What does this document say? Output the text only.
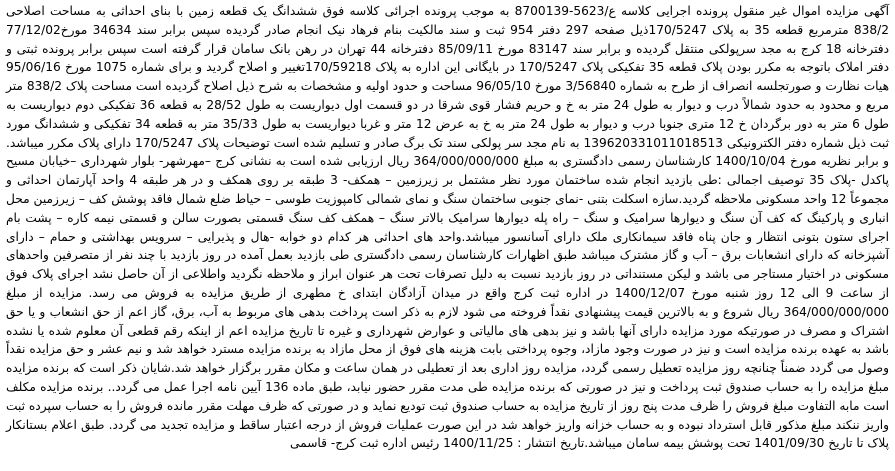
آگهی مزایده اموال غیر منقول پرونده اجرایی کلاسه ع/5623-8700139 به موجب پرونده اجرائی کلاسه فوق ششدانگ یک قطعه زمین با بنای احداثی به مساحت اصلاحی 838/2 مترمربع قطعه 35 به پلاک 170/5247ذیل صفحه 297 دفتر 954 ثبت و سند مالکیت بنام فرهاد نیک انجام صادر گردیده سپس برابر سند 34634 مورخ77/12/02 دفترخانه 18 کرج به مجد سرپولکی منتقل گردیده و برابر سند 83147 مورخ 85/09/11 دفترخانه 44 تهران در رهن بانک سامان قرار گرفته است سپس برابر پرونده ثبتی و دفتر املاک باتوجه به مکرر بودن پلاک قطعه 35 تفکیکی پلاک 170/5247 در بایگانی این اداره به پلاک 170/59218تغییر و اصلاح گردید و برای شماره 1075 مورخ 95/06/16 هیات نظارت و صورتجلسه انصراف از طرح به شماره 3/56840 مورخ 96/05/10 مساحت و حدود اولیه و مشخصات به شرح ذیل اصلاح گردیده است مساحت پلاک 838/2 متر مربع و محدود به حدود شمالاً درب و دیوار به طول 24 متر به خ و حریم فشار قوی شرقا در دو قسمت اول دیواریست به طول 28/52 به قطعه 36 تفکیکی دوم دیواریست به طول 6 متر به دور برگردان خ 12 متری جنوبا درب و دیوار به طول 24 متر به خ به عرض 12 متر و غربا دیواریست به طول 35/33 متر به قطعه 34 تفکیکی و ششدانگ مورد ثبت ذیل شماره دفتر الکترونیکی 139620331011018513 به نام مجد سر پولکی سند تک برگ صادر و تسلیم شده است توضیحات پلاک 170/5247 دارای پلاک مکرر میباشد. و برابر نظریه مورخ 1400/10/04 کارشناسان رسمی دادگستری به مبلغ 364/000/000/000 ریال ارزیابی شده است به نشانی کرج –مهرشهر- بلوار شهرداری –خیابان مسیح پاکدل -پلاک 35 توصیف اجمالی :طی بازدید انجام شده ساختمان مورد نظر مشتمل بر زیرزمین – همکف- 3 طبقه بر روی همکف و در هر طبقه 4 واحد آپارتمان احداثی و مجموعاً 12 واحد مسکونی ملاحظه گردید.سازه اسکلت بتنی -نمای جنوبی ساختمان سنگ و نمای شمالی کامپوزیت طوسی – حیاط ضلع شمال فاقد پوشش کف – زیرزمین محل انباری و پارکینگ که کف آن سنگ و دیوارها سرامیک و سنگ – راه پله دیوارها سرامیک بالاتر سنگ – همکف کف سنگ قسمتی بصورت سالن و قسمتی نیمه کاره – پشت بام اجرای ستون بتونی انتظار و جان پناه فاقد سیمانکاری ملک دارای آسانسور میباشد.واحد های احداثی هر کدام دو خوابه -هال و پذیرایی – سرویس بهداشتی و حمام – دارای آشپزخانه که دارای انشعابات برق – آب و گاز مشترک میباشد طبق اظهارات کارشناسان رسمی دادگستری طی بازدید بعمل آمده در روز بازدید با چند نفر از متصرفین واحدهای مسکونی در اختیار مستاجر می باشد و لیکن مستنداتی در روز بازدید نسبت به دلیل تصرفات تحت هر عنوان ابراز و ملاحظه نگردید واطلاعی از آن حاصل نشد اجرای پلاک فوق از ساعت 9 الی 12 روز شنبه مورخ 1400/12/07 در اداره ثبت کرج واقع در میدان آزادگان ابتدای خ مطهری از طریق مزایده به فروش می رسد. مزایده از مبلغ 364/000/000/000 ریال شروع و به بالاترین قیمت پیشنهادی نقداً فروخته می شود لازم به ذکر است پرداخت بدهی های مربوط به آب، برق، گاز اعم از حق انشعاب و یا حق اشتراک و مصرف در صورتیکه مورد مزایده دارای آنها باشد و نیز بدهی های مالیاتی و عوارض شهرداری و غیره تا تاریخ مزایده اعم از اینکه رقم قطعی آن معلوم شده یا نشده باشد به عهده برنده مزایده است و نیز در صورت وجود مازاد، وجوه پرداختی بابت هزینه های فوق از محل مازاد به برنده مزایده مسترد خواهد شد و نیم عشر و حق مزایده نقداً وصول می گردد ضمناً چنانچه روز مزایده تعطیل رسمی گردد، مزایده روز اداری بعد از تعطیلی در همان ساعت و مکان مقرر برگزار خواهد شد.شایان ذکر است که برنده مزایده مبلغ مزایده را به حساب صندوق ثبت پرداخت و نیز در صورتی که برنده مزایده طی مدت مقرر حضور نیابد، طبق ماده 136 آیین نامه اجرا عمل می گردد.. برنده مزایده مکلف است مابه التفاوت مبلغ فروش را ظرف مدت پنج روز از تاریخ مزایده به حساب صندوق ثبت تودیع نماید و در صورتی که ظرف مهلت مقرر مانده فروش را به حساب سپرده ثبت واریز ننکند مبلغ مذکور قابل استرداد نبوده و به حساب خزانه واریز خواهد شد در این صورت عملیات فروش از درجه اعتبار ساقط و مزایده تجدید می گردد. طبق اعلام بستانکار پلاک تا تاریخ 1401/09/30 تحت پوشش بیمه سامان میباشد.تاریخ انتشار : 1400/11/25 رئیس اداره ثبت کرج- قاسمی
